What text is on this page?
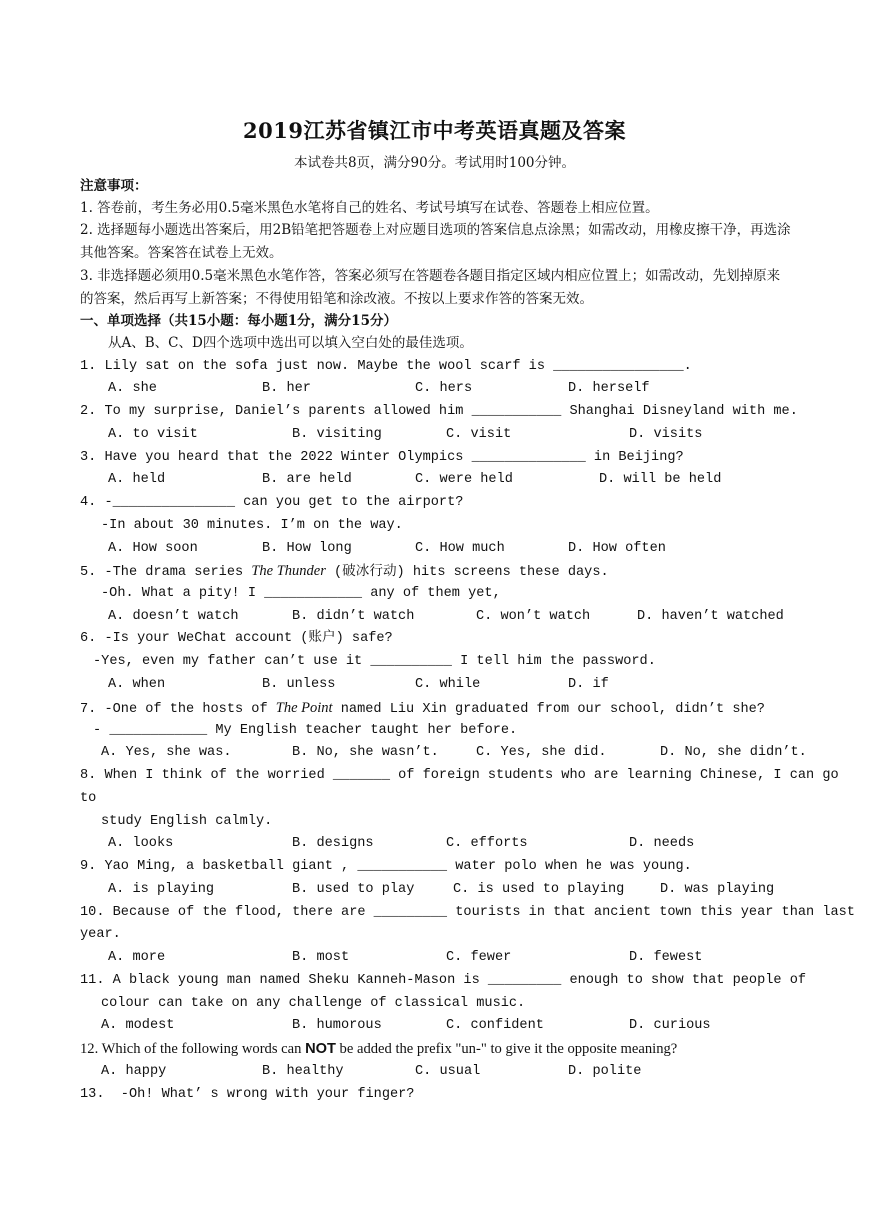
2019江苏省镇江市中考英语真题及答案
本试卷共8页，满分90分。考试用时100分钟。
注意事项：
1. 答卷前，考生务必用0.5毫米黑色水笔将自己的姓名、考试号填写在试卷、答题卷上相应位置。
2. 选择题每小题选出答案后，用2B铅笔把答题卷上对应题目选项的答案信息点涂黑；如需改动，用橡皮擦干净，再选涂其他答案。答案答在试卷上无效。
3. 非选择题必须用0.5毫米黑色水笔作答，答案必须写在答题卷各题目指定区域内相应位置上；如需改动，先划掉原来的答案，然后再写上新答案；不得使用铅笔和涂改液。不按以上要求作答的答案无效。
一、单项选择（共15小题：每小题1分，满分15分）
从A、B、C、D四个选项中选出可以填入空白处的最佳选项。
1. Lily sat on the sofa just now. Maybe the wool scarf is ________________.
A. she	B. her	C. hers	D. herself
2. To my surprise, Daniel’s parents allowed him ___________ Shanghai Disneyland with me.
A. to visit	B. visiting	C. visit	D. visits
3. Have you heard that the 2022 Winter Olympics ______________ in Beijing?
A. held	B. are held	C. were held	D. will be held
4. -_______________ can you get to the airport?
-In about 30 minutes. I’m on the way.
A. How soon	B. How long	C. How much	D. How often
5. -The drama series The Thunder (破冰行动) hits screens these days.
-Oh. What a pity! I ____________ any of them yet,
A. doesn’t watch	B. didn’t watch	C. won’t watch	D. haven’t watched
6. -Is your WeChat account (账户) safe?
-Yes, even my father can’t use it __________ I tell him the password.
A. when	B. unless	C. while	D. if
7. -One of the hosts of The Point named Liu Xin graduated from our school, didn’t she?
- ____________ My English teacher taught her before.
A. Yes, she was.	B. No, she wasn’t.	C. Yes, she did.	D. No, she didn’t.
8. When I think of the worried _______ of foreign students who are learning Chinese, I can go
to
study English calmly.
A. looks	B. designs	C. efforts	D. needs
9. Yao Ming, a basketball giant , ___________ water polo when he was young.
A. is playing	B. used to play	C. is used to playing	D. was playing
10. Because of the flood, there are _________ tourists in that ancient town this year than last
year.
A. more	B. most	C. fewer	D. fewest
11. A black young man named Sheku Kanneh-Mason is _________ enough to show that people of
colour can take on any challenge of classical music.
A. modest	B. humorous	C. confident	D. curious
12. Which of the following words can NOT be added the prefix "un-" to give it the opposite meaning?
A. happy	B. healthy	C. usual	D. polite
13.  -Oh! What’ s wrong with your finger?
